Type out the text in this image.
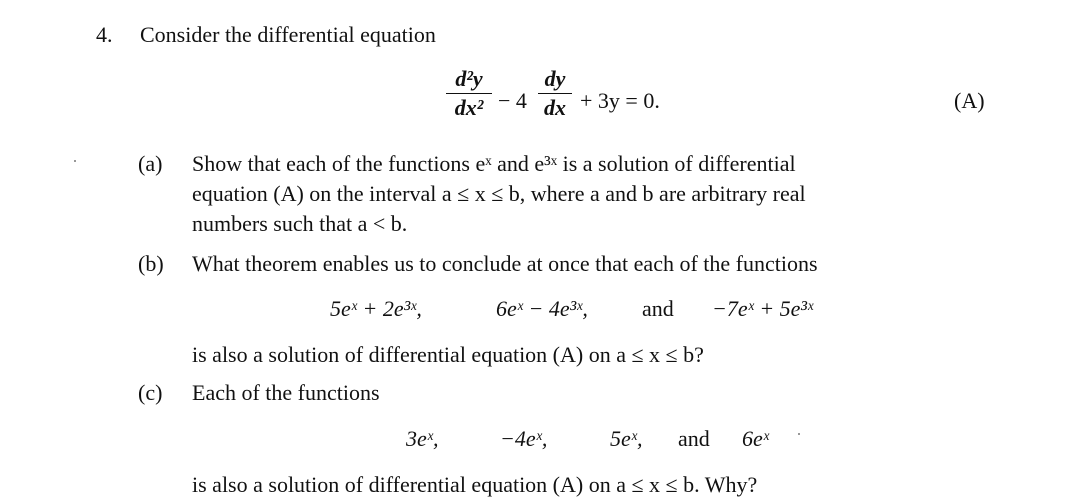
4. Consider the differential equation
d²y
dx² − 4
dy
dx + 3y = 0.	(A)
(a) Show that each of the functions eˣ and e³ˣ is a solution of differential
equation (A) on the interval a ≤ x ≤ b, where a and b are arbitrary real
numbers such that a < b.
(b) What theorem enables us to conclude at once that each of the functions
5eˣ + 2e³ˣ,	6eˣ − 4e³ˣ, and −7eˣ + 5e³ˣ
is also a solution of differential equation (A) on a ≤ x ≤ b?
(c) Each of the functions
3eˣ,	−4eˣ,	5eˣ, and 6eˣ
is also a solution of differential equation (A) on a ≤ x ≤ b. Why?
